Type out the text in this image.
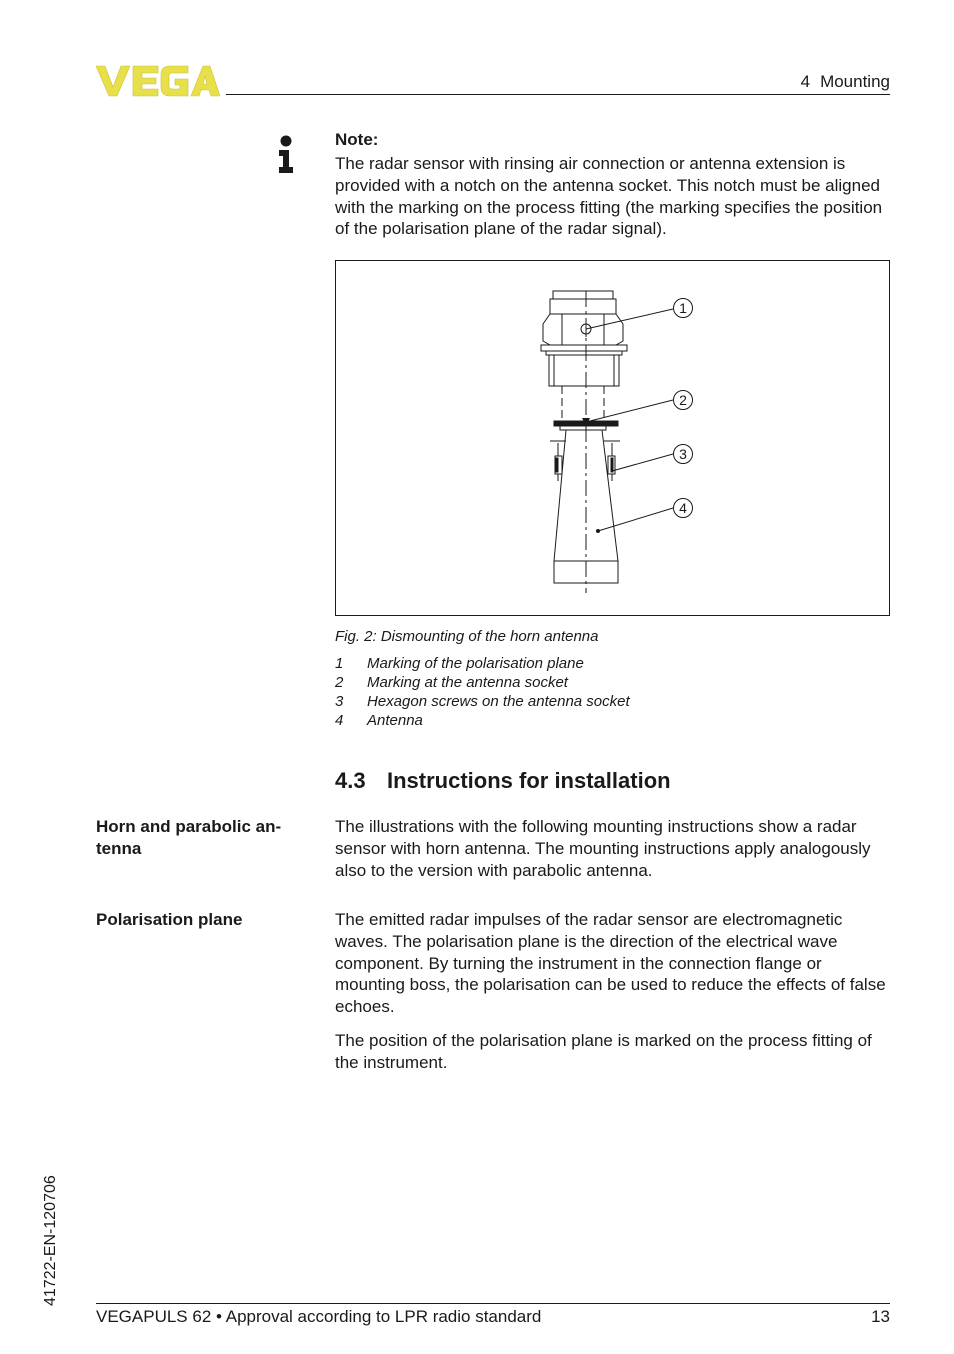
4 Mounting
Note:
The radar sensor with rinsing air connection or antenna extension is provided with a notch on the antenna socket. This notch must be aligned with the marking on the process fitting (the marking specifies the position of the polarisation plane of the radar signal).
1
2
3
4
Fig. 2: Dismounting of the horn antenna
1 Marking of the polarisation plane
2 Marking at the antenna socket
3 Hexagon screws on the antenna socket
4 Antenna
4.3 Instructions for installation
Horn and parabolic an-
tenna
The illustrations with the following mounting instructions show a radar sensor with horn antenna. The mounting instructions apply analogously also to the version with parabolic antenna.
Polarisation plane	The emitted radar impulses of the radar sensor are electromagnetic waves. The polarisation plane is the direction of the electrical wave component. By turning the instrument in the connection flange or mounting boss, the polarisation can be used to reduce the effects of false echoes.
The position of the polarisation plane is marked on the process fitting of the instrument.
41722-EN-120706
VEGAPULS 62 • Approval according to LPR radio standard	13
